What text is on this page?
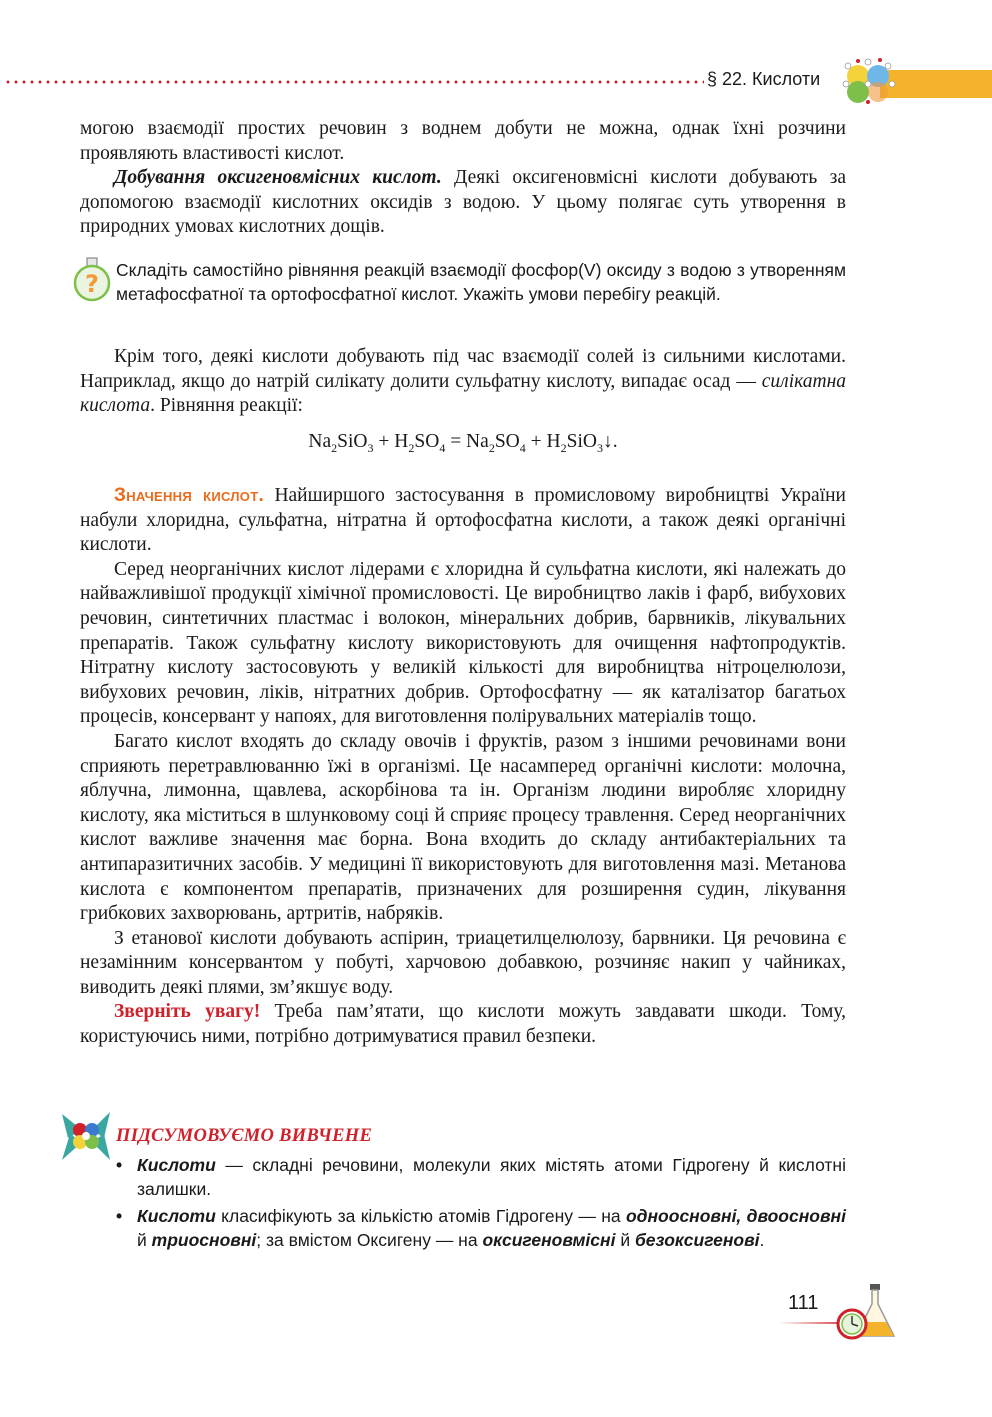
§ 22. Кислоти

могою взаємодії простих речовин з воднем добути не можна, однак їхні розчини проявляють властивості кислот.

Добування оксигеновмісних кислот. Деякі оксигеновмісні кислоти добувають за допомогою взаємодії кислотних оксидів з водою. У цьому полягає суть утворення в природних умовах кислотних дощів.

? Складіть самостійно рівняння реакцій взаємодії фосфор(V) оксиду з водою з утворенням метафосфатної та ортофосфатної кислот. Укажіть умови перебігу реакцій.

Крім того, деякі кислоти добувають під час взаємодії солей із сильними кислотами. Наприклад, якщо до натрій силікату долити сульфатну кислоту, випадає осад — силікатна кислота. Рівняння реакції:

$Na_2SiO_3 + H_2SO_4 = Na_2SO_4$ + $H_2SiO_3↓$.

Значення кислот. Найширшого застосування в промисловому виробництві України набули хлоридна, сульфатна, нітратна й ортофосфатна кислоти, а також деякі органічні кислоти.

Серед неорганічних кислот лідерами є хлоридна й сульфатна кислоти, які належать до найважливішої продукції хімічної промисловості. Це виробництво лаків і фарб, вибухових речовин, синтетичних пластмас і волокон, мінеральних добрив, барвників, лікувальних препаратів. Також сульфатну кислоту використовують для очищення нафтопродуктів. Нітратну кислоту застосовують у великій кількості для виробництва нітроцелюлози, вибухових речовин, ліків, нітратних добрив. Ортофосфатну — як каталізатор багатьох процесів, консервант у напоях, для виготовлення полірувальних матеріалів тощо.

Багато кислот входять до складу овочів і фруктів, разом з іншими речовинами вони сприяють перетравлюванню їжі в організмі. Це насамперед органічні кислоти: молочна, яблучна, лимонна, щавлева, аскорбінова та ін. Організм людини виробляє хлоридну кислоту, яка міститься в шлунковому соці й сприяє процесу травлення. Серед неорганічних кислот важливе значення має борна. Вона входить до складу антибактеріальних та антипаразитичних засобів. У медицині її використовують для виготовлення мазі. Метанова кислота є компонентом препаратів, призначених для розширення судин, лікування грибкових захворювань, артритів, набряків.

З етанової кислоти добувають аспірин, триацетилцелюлозу, барвники. Ця речовина є незамінним консервантом у побуті, харчовою добавкою, розчиняє накип у чайниках, виводить деякі плями, зм’якшує воду.

Зверніть увагу! Треба пам’ятати, що кислоти можуть завдавати шкоди. Тому, користуючись ними, потрібно дотримуватися правил безпеки.

ПІДСУМОВУЄМО ВИВЧЕНЕ
• Кислоти — складні речовини, молекули яких містять атоми Гідрогену й кислотні залишки.
• Кислоти класифікують за кількістю атомів Гідрогену — на одноосновні, двоосновні й триосновні; за вмістом Оксигену — на оксигеновмісні й безоксигенові.
111
